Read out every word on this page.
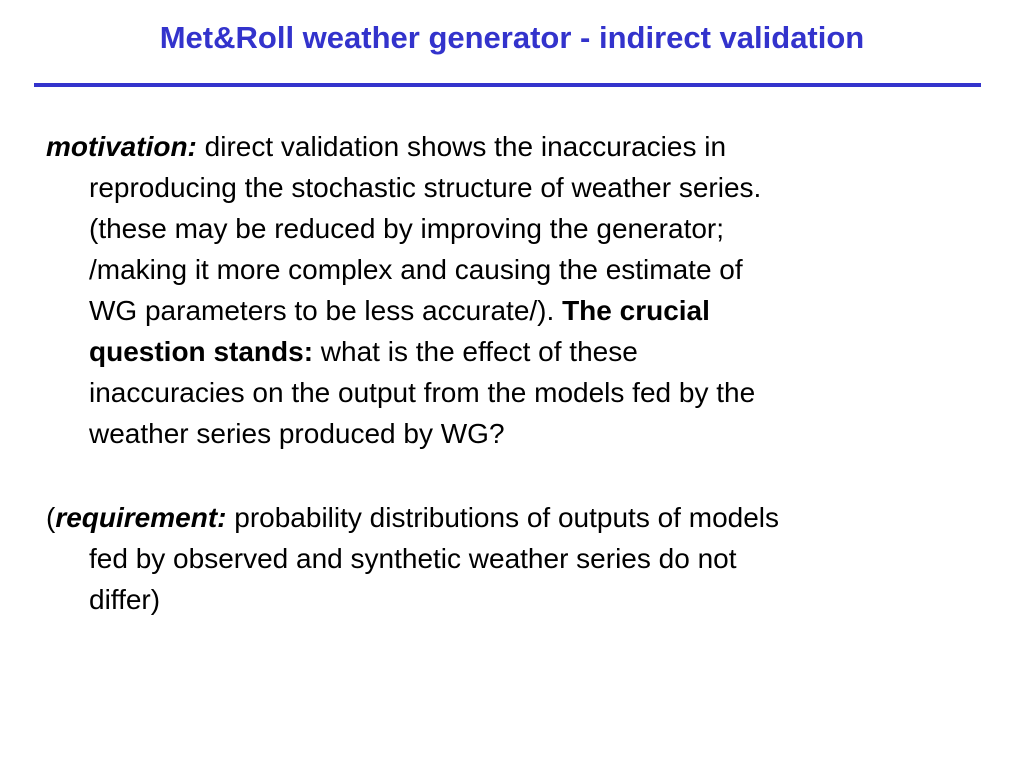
Met&Roll weather generator - indirect validation

motivation: direct validation shows the inaccuracies in
reproducing the stochastic structure of weather series.
(these may be reduced by improving the generator;
/making it more complex and causing the estimate of
WG parameters to be less accurate/). The crucial
question stands: what is the effect of these
inaccuracies on the output from the models fed by the
weather series produced by WG?

(requirement: probability distributions of outputs of models
fed by observed and synthetic weather series do not
differ)
